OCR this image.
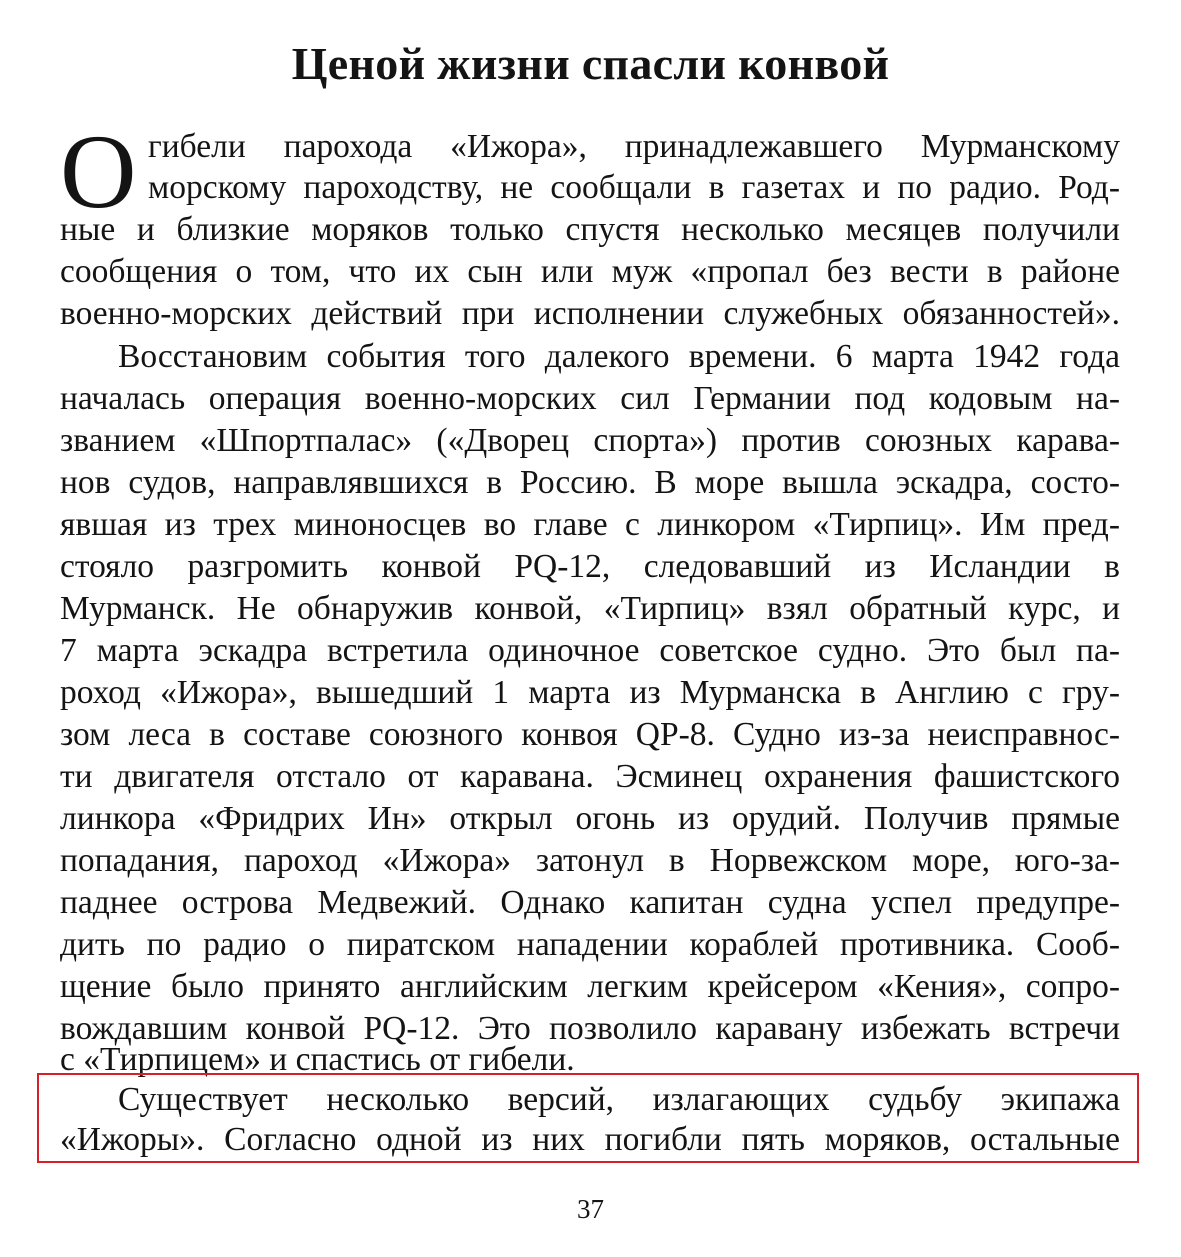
Ценой жизни спасли конвой
О гибели парохода «Ижора», принадлежавшего Мурманскому
морскому пароходству, не сообщали в газетах и по радио. Род-
ные и близкие моряков только спустя несколько месяцев получили
сообщения о том, что их сын или муж «пропал без вести в районе
военно-морских действий при исполнении служебных обязанностей».
Восстановим события того далекого времени. 6 марта 1942 года
началась операция военно-морских сил Германии под кодовым на-
званием «Шпортпалас» («Дворец спорта») против союзных карава-
нов судов, направлявшихся в Россию. В море вышла эскадра, состо-
явшая из трех миноносцев во главе с линкором «Тирпиц». Им пред-
стояло разгромить конвой PQ-12, следовавший из Исландии в
Мурманск. Не обнаружив конвой, «Тирпиц» взял обратный курс, и
7 марта эскадра встретила одиночное советское судно. Это был па-
роход «Ижора», вышедший 1 марта из Мурманска в Англию с гру-
зом леса в составе союзного конвоя QP-8. Судно из-за неисправнос-
ти двигателя отстало от каравана. Эсминец охранения фашистского
линкора «Фридрих Ин» открыл огонь из орудий. Получив прямые
попадания, пароход «Ижора» затонул в Норвежском море, юго-за-
паднее острова Медвежий. Однако капитан судна успел предупре-
дить по радио о пиратском нападении кораблей противника. Сооб-
щение было принято английским легким крейсером «Кения», сопро-
вождавшим конвой PQ-12. Это позволило каравану избежать встречи
с «Тирпицем» и спастись от гибели.
Существует несколько версий, излагающих судьбу экипажа
«Ижоры». Согласно одной из них погибли пять моряков, остальные
37
